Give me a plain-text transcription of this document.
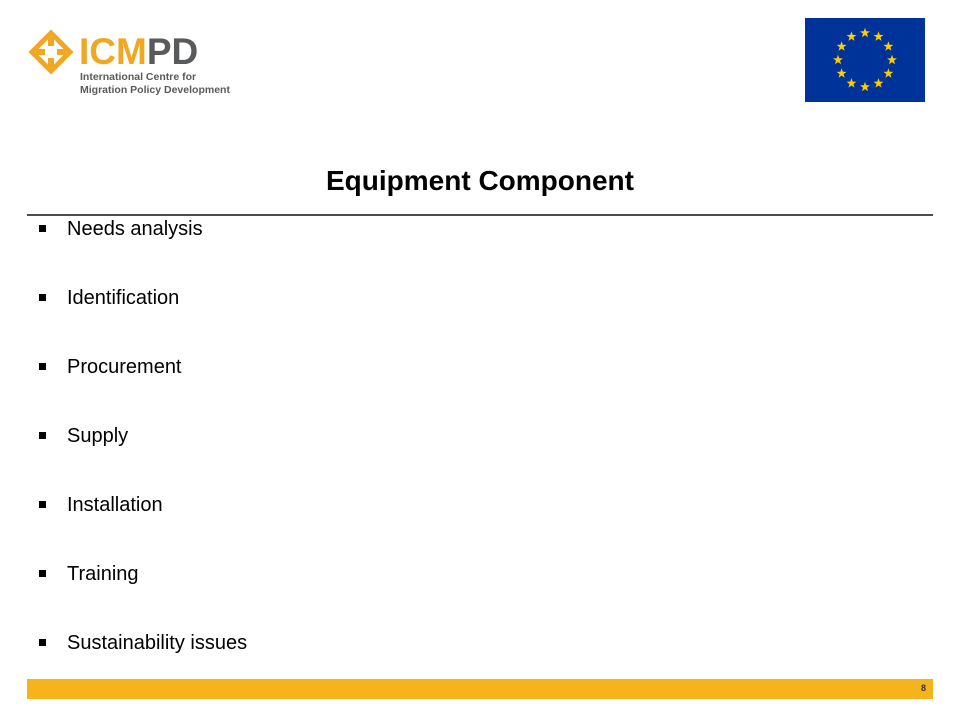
ICMPD
International Centre for
Migration Policy Development
Equipment Component
Needs analysis
Identification
Procurement
Supply
Installation
Training
Sustainability issues
8
